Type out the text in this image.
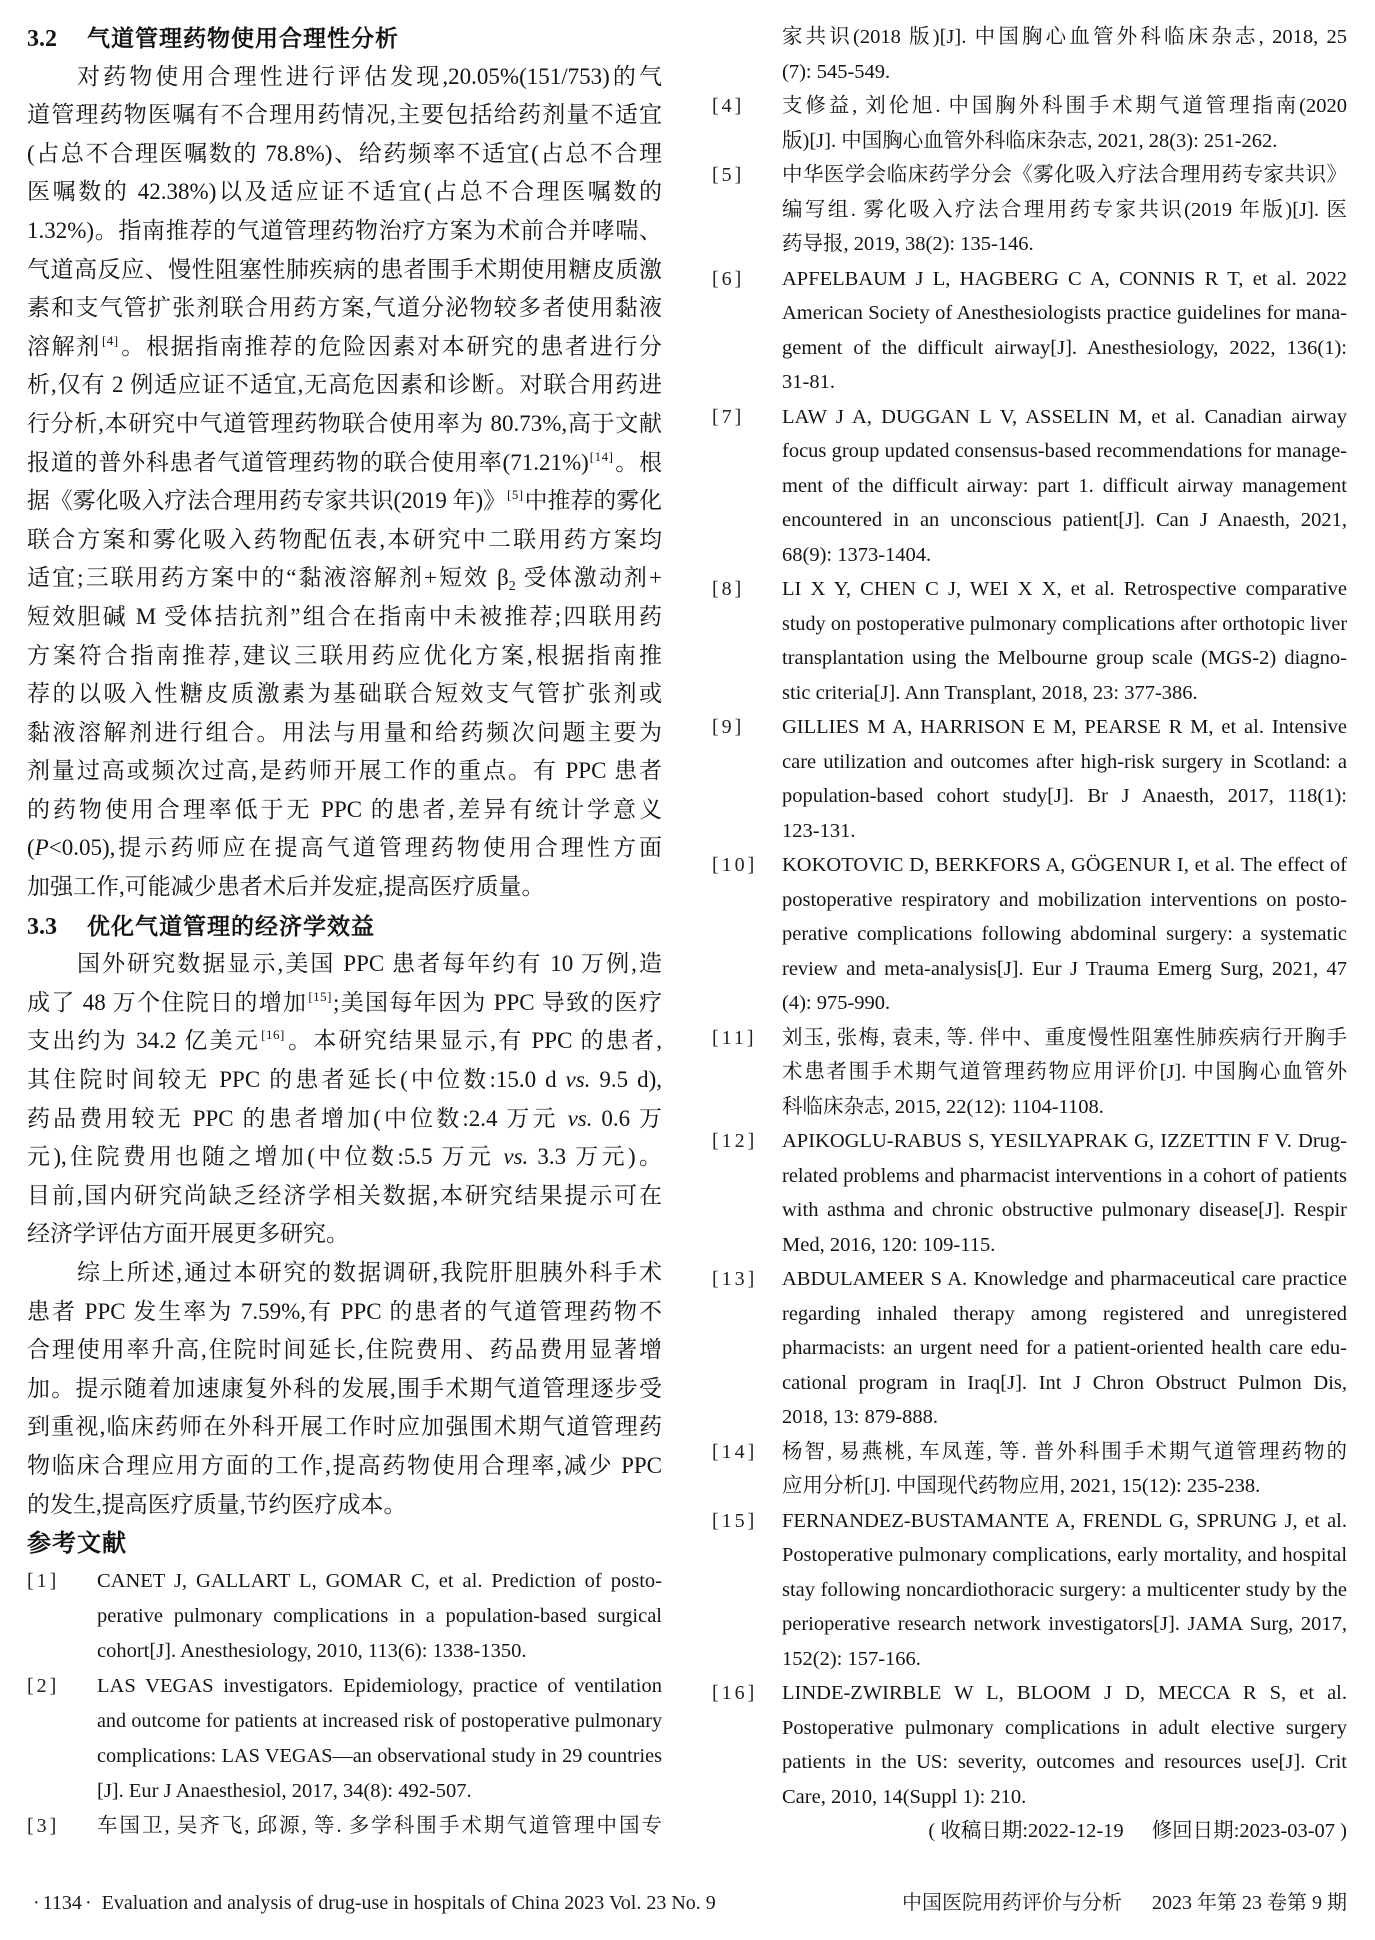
3.2 气道管理药物使用合理性分析
对药物使用合理性进行评估发现,20.05%(151/753)的气
道管理药物医嘱有不合理用药情况,主要包括给药剂量不适宜
(占总不合理医嘱数的 78.8%)、给药频率不适宜(占总不合理
医嘱数的 42.38%)以及适应证不适宜(占总不合理医嘱数的
1.32%)。指南推荐的气道管理药物治疗方案为术前合并哮喘、
气道高反应、慢性阻塞性肺疾病的患者围手术期使用糖皮质激
素和支气管扩张剂联合用药方案,气道分泌物较多者使用黏液
溶解剂[4]。根据指南推荐的危险因素对本研究的患者进行分
析,仅有 2 例适应证不适宜,无高危因素和诊断。对联合用药进
行分析,本研究中气道管理药物联合使用率为 80.73%,高于文献
报道的普外科患者气道管理药物的联合使用率(71.21%)[14]。根
据《雾化吸入疗法合理用药专家共识(2019 年)》[5]中推荐的雾化
联合方案和雾化吸入药物配伍表,本研究中二联用药方案均
适宜;三联用药方案中的“黏液溶解剂+短效 $\beta_2$ 受体激动剂+
短效胆碱 M 受体拮抗剂”组合在指南中未被推荐;四联用药
方案符合指南推荐,建议三联用药应优化方案,根据指南推
荐的以吸入性糖皮质激素为基础联合短效支气管扩张剂或
黏液溶解剂进行组合。用法与用量和给药频次问题主要为
剂量过高或频次过高,是药师开展工作的重点。有 PPC 患者
的药物使用合理率低于无 PPC 的患者,差异有统计学意义
(P<0.05),提示药师应在提高气道管理药物使用合理性方面
加强工作,可能减少患者术后并发症,提高医疗质量。
3.3 优化气道管理的经济学效益
国外研究数据显示,美国 PPC 患者每年约有 10 万例,造
成了 48 万个住院日的增加[15];美国每年因为 PPC 导致的医疗
支出约为 34.2 亿美元[16]。本研究结果显示,有 PPC 的患者,
其住院时间较无 PPC 的患者延长(中位数:15.0 d vs. 9.5 d),
药品费用较无 PPC 的患者增加(中位数:2.4 万元 vs. 0.6 万
元),住院费用也随之增加(中位数:5.5 万元 vs. 3.3 万元)。
目前,国内研究尚缺乏经济学相关数据,本研究结果提示可在
经济学评估方面开展更多研究。
综上所述,通过本研究的数据调研,我院肝胆胰外科手术
患者 PPC 发生率为 7.59%,有 PPC 的患者的气道管理药物不
合理使用率升高,住院时间延长,住院费用、药品费用显著增
加。提示随着加速康复外科的发展,围手术期气道管理逐步受
到重视,临床药师在外科开展工作时应加强围术期气道管理药
物临床合理应用方面的工作,提高药物使用合理率,减少 PPC
的发生,提高医疗质量,节约医疗成本。
参考文献
[1]	CANET J, GALLART L, GOMAR C, et al. Prediction of posto-
perative pulmonary complications in a population-based surgical
cohort[J]. Anesthesiology, 2010, 113(6): 1338-1350.
[2]	LAS VEGAS investigators. Epidemiology, practice of ventilation
and outcome for patients at increased risk of postoperative pulmonary
complications: LAS VEGAS—an observational study in 29 countries
[J]. Eur J Anaesthesiol, 2017, 34(8): 492-507.
[3]	车国卫, 吴齐飞, 邱源, 等. 多学科围手术期气道管理中国专
家共识(2018 版)[J]. 中国胸心血管外科临床杂志, 2018, 25
(7): 545-549.
[4]	支修益, 刘伦旭. 中国胸外科围手术期气道管理指南(2020
版)[J]. 中国胸心血管外科临床杂志, 2021, 28(3): 251-262.
[5]	中华医学会临床药学分会《雾化吸入疗法合理用药专家共识》
编写组. 雾化吸入疗法合理用药专家共识(2019 年版)[J]. 医
药导报, 2019, 38(2): 135-146.
[6]	APFELBAUM J L, HAGBERG C A, CONNIS R T, et al. 2022
American Society of Anesthesiologists practice guidelines for mana-
gement of the difficult airway[J]. Anesthesiology, 2022, 136(1):
31-81.
[7]	LAW J A, DUGGAN L V, ASSELIN M, et al. Canadian airway
focus group updated consensus-based recommendations for manage-
ment of the difficult airway: part 1. difficult airway management
encountered in an unconscious patient[J]. Can J Anaesth, 2021,
68(9): 1373-1404.
[8]	LI X Y, CHEN C J, WEI X X, et al. Retrospective comparative
study on postoperative pulmonary complications after orthotopic liver
transplantation using the Melbourne group scale (MGS-2) diagno-
stic criteria[J]. Ann Transplant, 2018, 23: 377-386.
[9]	GILLIES M A, HARRISON E M, PEARSE R M, et al. Intensive
care utilization and outcomes after high-risk surgery in Scotland: a
population-based cohort study[J]. Br J Anaesth, 2017, 118(1):
123-131.
[10]	KOKOTOVIC D, BERKFORS A, GÖGENUR I, et al. The effect of
postoperative respiratory and mobilization interventions on posto-
perative complications following abdominal surgery: a systematic
review and meta-analysis[J]. Eur J Trauma Emerg Surg, 2021, 47
(4): 975-990.
[11]	刘玉, 张梅, 袁耒, 等. 伴中、重度慢性阻塞性肺疾病行开胸手
术患者围手术期气道管理药物应用评价[J]. 中国胸心血管外
科临床杂志, 2015, 22(12): 1104-1108.
[12]	APIKOGLU-RABUS S, YESILYAPRAK G, IZZETTIN F V. Drug-
related problems and pharmacist interventions in a cohort of patients
with asthma and chronic obstructive pulmonary disease[J]. Respir
Med, 2016, 120: 109-115.
[13]	ABDULAMEER S A. Knowledge and pharmaceutical care practice
regarding inhaled therapy among registered and unregistered
pharmacists: an urgent need for a patient-oriented health care edu-
cational program in Iraq[J]. Int J Chron Obstruct Pulmon Dis,
2018, 13: 879-888.
[14]	杨智, 易燕桃, 车凤莲, 等. 普外科围手术期气道管理药物的
应用分析[J]. 中国现代药物应用, 2021, 15(12): 235-238.
[15]	FERNANDEZ-BUSTAMANTE A, FRENDL G, SPRUNG J, et al.
Postoperative pulmonary complications, early mortality, and hospital
stay following noncardiothoracic surgery: a multicenter study by the
perioperative research network investigators[J]. JAMA Surg, 2017,
152(2): 157-166.
[16]	LINDE-ZWIRBLE W L, BLOOM J D, MECCA R S, et al.
Postoperative pulmonary complications in adult elective surgery
patients in the US: severity, outcomes and resources use[J]. Crit
Care, 2010, 14(Suppl 1): 210.
( 收稿日期 : 2022-12-19 修回日期 : 2023-03-07 )
· 1134 · Evaluation and analysis of drug-use in hospitals of China 2023 Vol. 23 No. 9	中国医院用药评价与分析 2023 年第 23 卷第 9 期
